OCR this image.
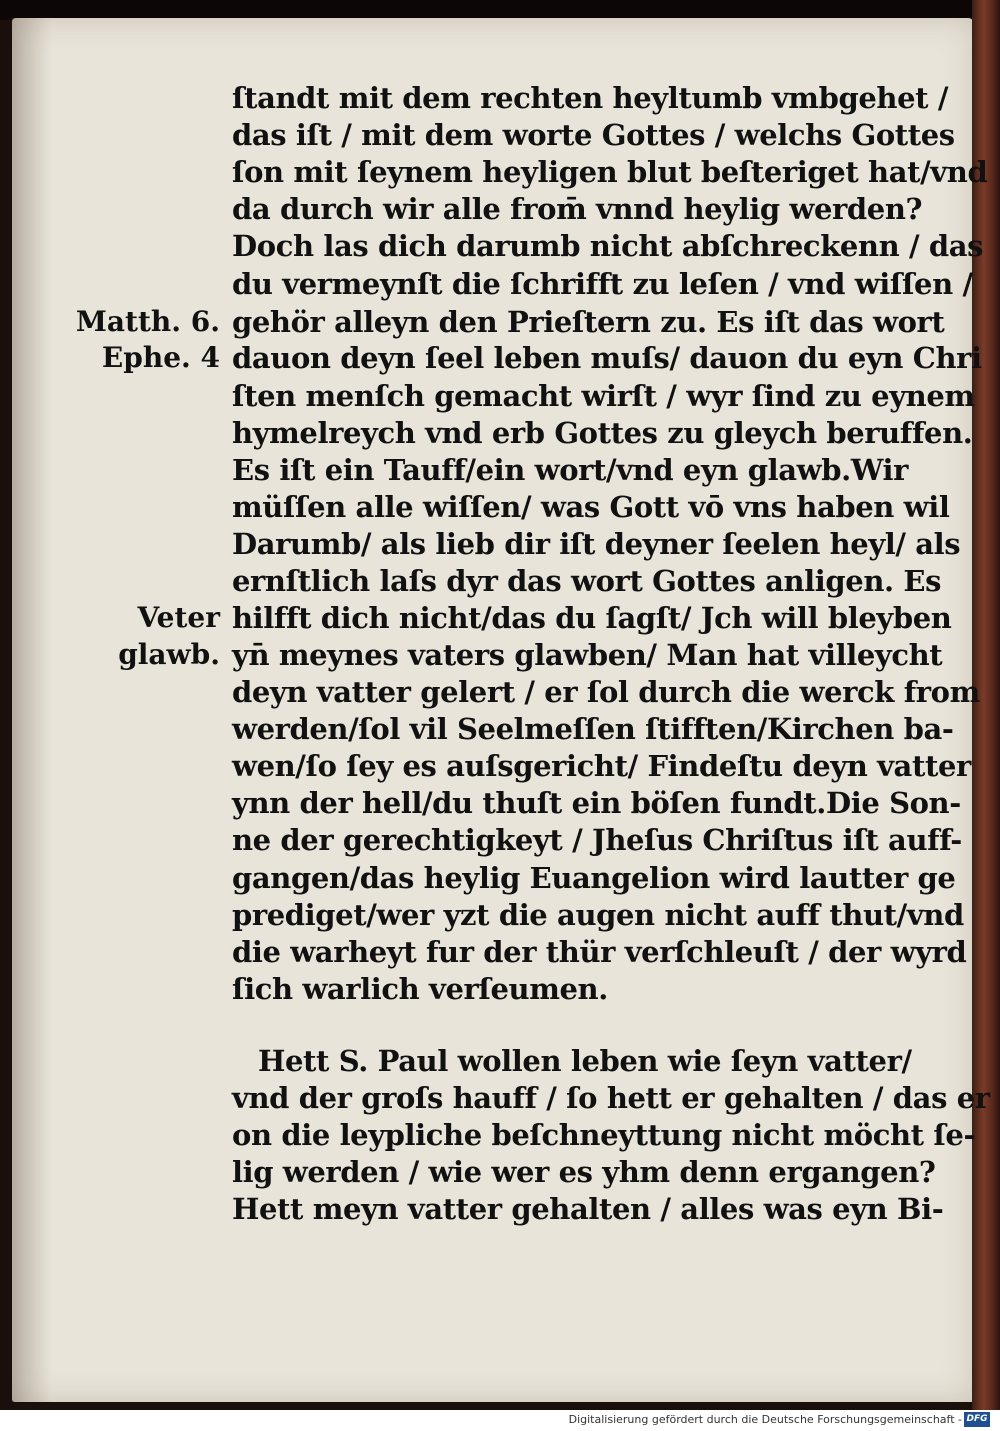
Matth. 6.
Ephe. 4
Veter
glawb.
ſtandt mit dem rechten heyltumb vmbgehet /
das iſt / mit dem worte Gottes / welchs Gottes
ſon mit ſeynem heyligen blut beſteriget hat/vnd
da durch wir alle from̄ vnnd heylig werden?
Doch las dich darumb nicht abſchreckenn / das
du vermeynſt die ſchrifft zu leſen / vnd wiſſen /
gehör alleyn den Prieſtern zu. Es iſt das wort
dauon deyn ſeel leben muſs/ dauon du eyn Chri
ſten menſch gemacht wirſt / wyr ſind zu eynem
hymelreych vnd erb Gottes zu gleych beruffen.
Es iſt ein Tauff/ein wort/vnd eyn glawb.Wir
müſſen alle wiſſen/ was Gott vō vns haben wil
Darumb/ als lieb dir iſt deyner ſeelen heyl/ als
ernſtlich laſs dyr das wort Gottes anligen. Es
hilfft dich nicht/das du ſagſt/ Jch will bleyben
yn̄ meynes vaters glawben/ Man hat villeycht
deyn vatter gelert / er ſol durch die werck from
werden/ſol vil Seelmeſſen ſtifften/Kirchen ba-
wen/ſo ſey es auſsgericht/ Findeſtu deyn vatter
ynn der hell/du thuſt ein böſen fundt.Die Son-
ne der gerechtigkeyt / Jheſus Chriſtus iſt auff-
gangen/das heylig Euangelion wird lautter ge
prediget/wer yzt die augen nicht auff thut/vnd
die warheyt fur der thür verſchleuſt / der wyrd
ſich warlich verſeumen.
Hett S. Paul wollen leben wie ſeyn vatter/
vnd der groſs hauff / ſo hett er gehalten / das er
on die leypliche beſchneyttung nicht möcht ſe-
lig werden / wie wer es yhm denn ergangen?
Hett meyn vatter gehalten / alles was eyn Bi-
Digitalisierung gefördert durch die Deutsche Forschungsgemeinschaft - DFG
